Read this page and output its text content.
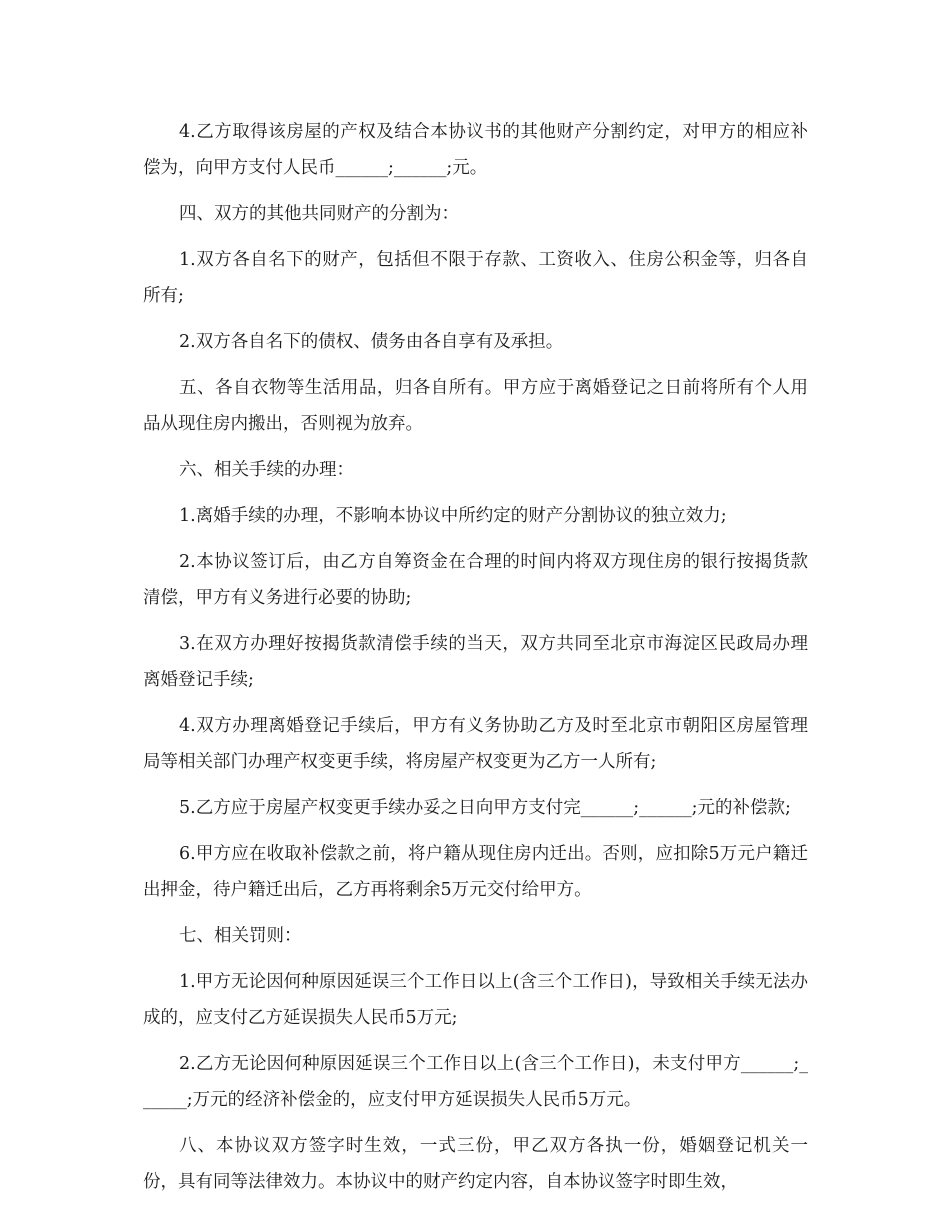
4.乙方取得该房屋的产权及结合本协议书的其他财产分割约定，对甲方的相应补偿为，向甲方支付人民币______;______;元。

四、双方的其他共同财产的分割为：

1.双方各自名下的财产，包括但不限于存款、工资收入、住房公积金等，归各自所有;

2.双方各自名下的债权、债务由各自享有及承担。

五、各自衣物等生活用品，归各自所有。甲方应于离婚登记之日前将所有个人用品从现住房内搬出，否则视为放弃。

六、相关手续的办理：

1.离婚手续的办理，不影响本协议中所约定的财产分割协议的独立效力;

2.本协议签订后，由乙方自筹资金在合理的时间内将双方现住房的银行按揭货款清偿，甲方有义务进行必要的协助;

3.在双方办理好按揭货款清偿手续的当天，双方共同至北京市海淀区民政局办理离婚登记手续;

4.双方办理离婚登记手续后，甲方有义务协助乙方及时至北京市朝阳区房屋管理局等相关部门办理产权变更手续，将房屋产权变更为乙方一人所有;

5.乙方应于房屋产权变更手续办妥之日向甲方支付完______;______;元的补偿款;

6.甲方应在收取补偿款之前，将户籍从现住房内迁出。否则，应扣除5万元户籍迁出押金，待户籍迁出后，乙方再将剩余5万元交付给甲方。

七、相关罚则：

1.甲方无论因何种原因延误三个工作日以上(含三个工作日)，导致相关手续无法办成的，应支付乙方延误损失人民币5万元;

2.乙方无论因何种原因延误三个工作日以上(含三个工作日)，未支付甲方______;______;万元的经济补偿金的，应支付甲方延误损失人民币5万元。

八、本协议双方签字时生效，一式三份，甲乙双方各执一份，婚姻登记机关一份，具有同等法律效力。本协议中的财产约定内容，自本协议签字时即生效，
